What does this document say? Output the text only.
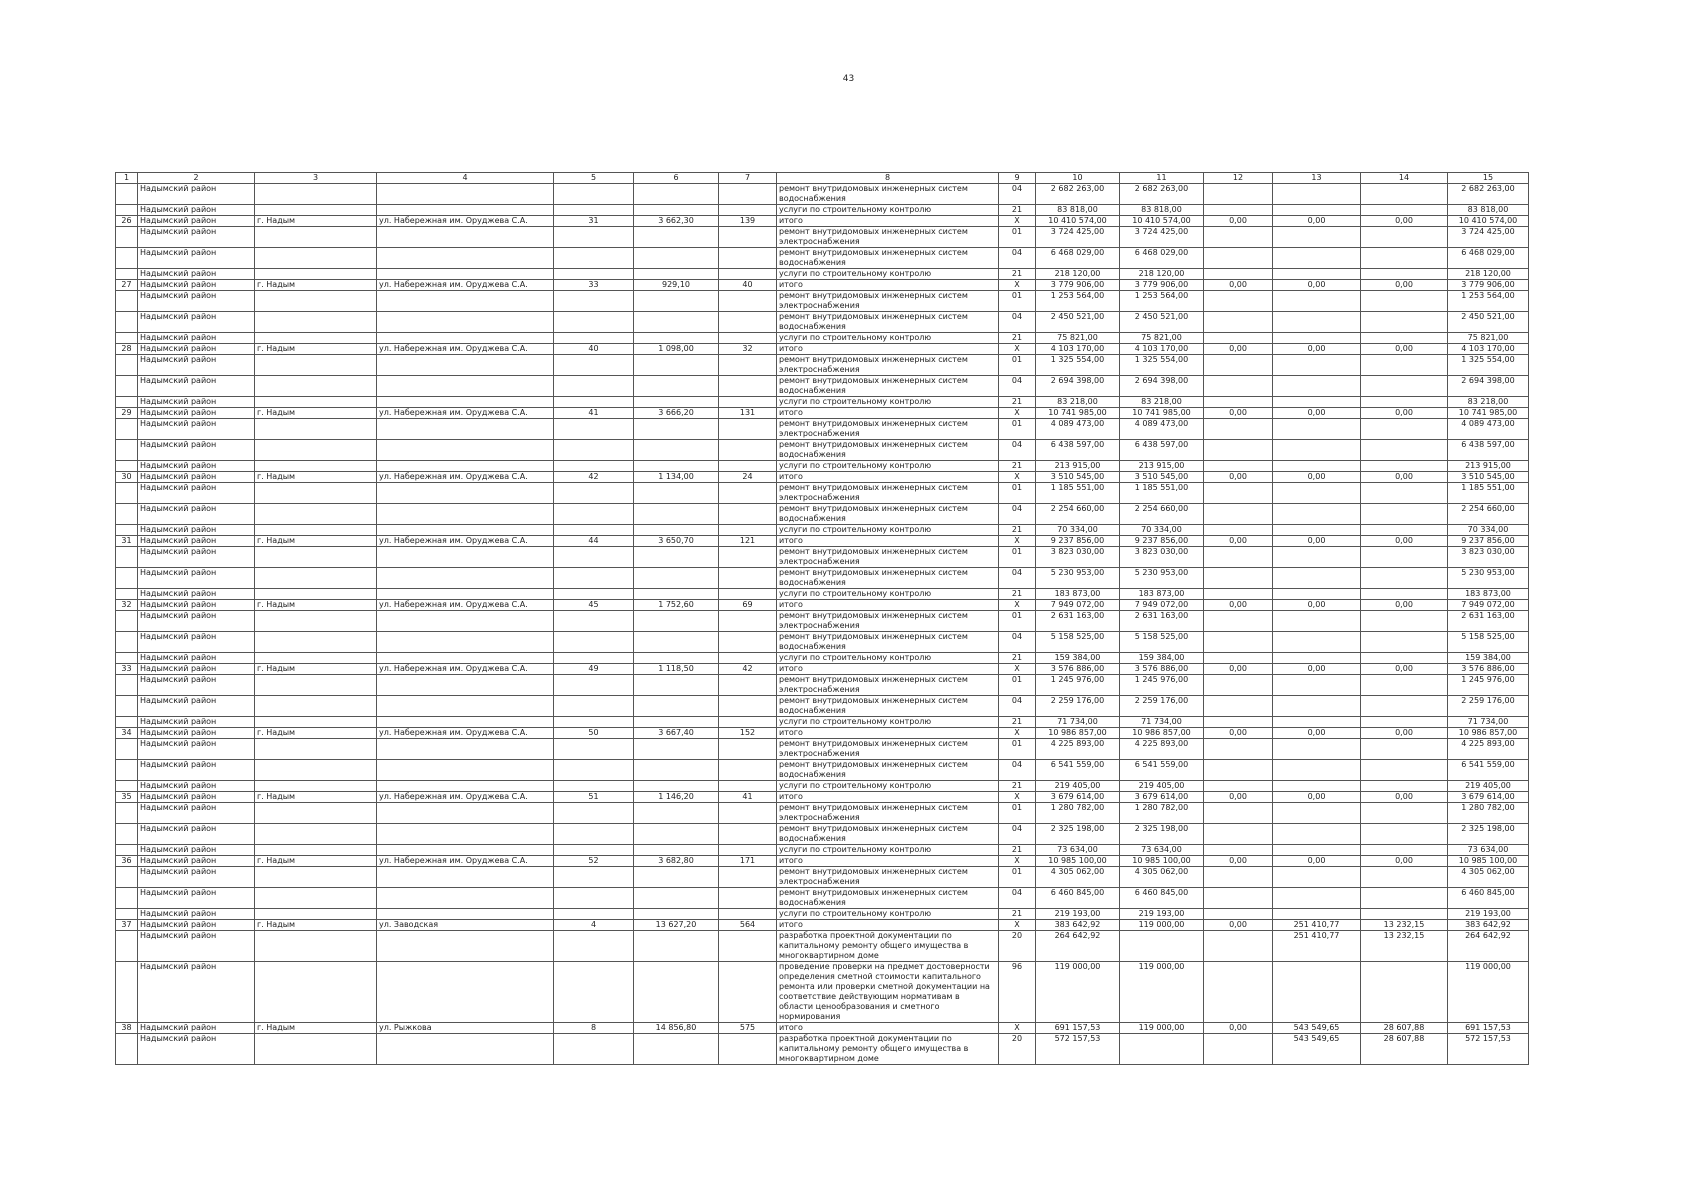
43
1	2	3	4	5	6	7	8	9	10	11	12	13	14	15
	Надымский район						ремонт внутридомовых инженерных систем водоснабжения	04	2 682 263,00	2 682 263,00				2 682 263,00
	Надымский район						услуги по строительному контролю	21	83 818,00	83 818,00				83 818,00
26	Надымский район	г. Надым	ул. Набережная им. Оруджева С.А.	31	3 662,30	139	итого	X	10 410 574,00	10 410 574,00	0,00	0,00	0,00	10 410 574,00
	Надымский район						ремонт внутридомовых инженерных систем электроснабжения	01	3 724 425,00	3 724 425,00				3 724 425,00
	Надымский район						ремонт внутридомовых инженерных систем водоснабжения	04	6 468 029,00	6 468 029,00				6 468 029,00
	Надымский район						услуги по строительному контролю	21	218 120,00	218 120,00				218 120,00
27	Надымский район	г. Надым	ул. Набережная им. Оруджева С.А.	33	929,10	40	итого	X	3 779 906,00	3 779 906,00	0,00	0,00	0,00	3 779 906,00
	Надымский район						ремонт внутридомовых инженерных систем электроснабжения	01	1 253 564,00	1 253 564,00				1 253 564,00
	Надымский район						ремонт внутридомовых инженерных систем водоснабжения	04	2 450 521,00	2 450 521,00				2 450 521,00
	Надымский район						услуги по строительному контролю	21	75 821,00	75 821,00				75 821,00
28	Надымский район	г. Надым	ул. Набережная им. Оруджева С.А.	40	1 098,00	32	итого	X	4 103 170,00	4 103 170,00	0,00	0,00	0,00	4 103 170,00
	Надымский район						ремонт внутридомовых инженерных систем электроснабжения	01	1 325 554,00	1 325 554,00				1 325 554,00
	Надымский район						ремонт внутридомовых инженерных систем водоснабжения	04	2 694 398,00	2 694 398,00				2 694 398,00
	Надымский район						услуги по строительному контролю	21	83 218,00	83 218,00				83 218,00
29	Надымский район	г. Надым	ул. Набережная им. Оруджева С.А.	41	3 666,20	131	итого	X	10 741 985,00	10 741 985,00	0,00	0,00	0,00	10 741 985,00
	Надымский район						ремонт внутридомовых инженерных систем электроснабжения	01	4 089 473,00	4 089 473,00				4 089 473,00
	Надымский район						ремонт внутридомовых инженерных систем водоснабжения	04	6 438 597,00	6 438 597,00				6 438 597,00
	Надымский район						услуги по строительному контролю	21	213 915,00	213 915,00				213 915,00
30	Надымский район	г. Надым	ул. Набережная им. Оруджева С.А.	42	1 134,00	24	итого	X	3 510 545,00	3 510 545,00	0,00	0,00	0,00	3 510 545,00
	Надымский район						ремонт внутридомовых инженерных систем электроснабжения	01	1 185 551,00	1 185 551,00				1 185 551,00
	Надымский район						ремонт внутридомовых инженерных систем водоснабжения	04	2 254 660,00	2 254 660,00				2 254 660,00
	Надымский район						услуги по строительному контролю	21	70 334,00	70 334,00				70 334,00
31	Надымский район	г. Надым	ул. Набережная им. Оруджева С.А.	44	3 650,70	121	итого	X	9 237 856,00	9 237 856,00	0,00	0,00	0,00	9 237 856,00
	Надымский район						ремонт внутридомовых инженерных систем электроснабжения	01	3 823 030,00	3 823 030,00				3 823 030,00
	Надымский район						ремонт внутридомовых инженерных систем водоснабжения	04	5 230 953,00	5 230 953,00				5 230 953,00
	Надымский район						услуги по строительному контролю	21	183 873,00	183 873,00				183 873,00
32	Надымский район	г. Надым	ул. Набережная им. Оруджева С.А.	45	1 752,60	69	итого	X	7 949 072,00	7 949 072,00	0,00	0,00	0,00	7 949 072,00
	Надымский район						ремонт внутридомовых инженерных систем электроснабжения	01	2 631 163,00	2 631 163,00				2 631 163,00
	Надымский район						ремонт внутридомовых инженерных систем водоснабжения	04	5 158 525,00	5 158 525,00				5 158 525,00
	Надымский район						услуги по строительному контролю	21	159 384,00	159 384,00				159 384,00
33	Надымский район	г. Надым	ул. Набережная им. Оруджева С.А.	49	1 118,50	42	итого	X	3 576 886,00	3 576 886,00	0,00	0,00	0,00	3 576 886,00
	Надымский район						ремонт внутридомовых инженерных систем электроснабжения	01	1 245 976,00	1 245 976,00				1 245 976,00
	Надымский район						ремонт внутридомовых инженерных систем водоснабжения	04	2 259 176,00	2 259 176,00				2 259 176,00
	Надымский район						услуги по строительному контролю	21	71 734,00	71 734,00				71 734,00
34	Надымский район	г. Надым	ул. Набережная им. Оруджева С.А.	50	3 667,40	152	итого	X	10 986 857,00	10 986 857,00	0,00	0,00	0,00	10 986 857,00
	Надымский район						ремонт внутридомовых инженерных систем электроснабжения	01	4 225 893,00	4 225 893,00				4 225 893,00
	Надымский район						ремонт внутридомовых инженерных систем водоснабжения	04	6 541 559,00	6 541 559,00				6 541 559,00
	Надымский район						услуги по строительному контролю	21	219 405,00	219 405,00				219 405,00
35	Надымский район	г. Надым	ул. Набережная им. Оруджева С.А.	51	1 146,20	41	итого	X	3 679 614,00	3 679 614,00	0,00	0,00	0,00	3 679 614,00
	Надымский район						ремонт внутридомовых инженерных систем электроснабжения	01	1 280 782,00	1 280 782,00				1 280 782,00
	Надымский район						ремонт внутридомовых инженерных систем водоснабжения	04	2 325 198,00	2 325 198,00				2 325 198,00
	Надымский район						услуги по строительному контролю	21	73 634,00	73 634,00				73 634,00
36	Надымский район	г. Надым	ул. Набережная им. Оруджева С.А.	52	3 682,80	171	итого	X	10 985 100,00	10 985 100,00	0,00	0,00	0,00	10 985 100,00
	Надымский район						ремонт внутридомовых инженерных систем электроснабжения	01	4 305 062,00	4 305 062,00				4 305 062,00
	Надымский район						ремонт внутридомовых инженерных систем водоснабжения	04	6 460 845,00	6 460 845,00				6 460 845,00
	Надымский район						услуги по строительному контролю	21	219 193,00	219 193,00				219 193,00
37	Надымский район	г. Надым	ул. Заводская	4	13 627,20	564	итого	X	383 642,92	119 000,00	0,00	251 410,77	13 232,15	383 642,92
	Надымский район						разработка проектной документации по капитальному ремонту общего имущества в многоквартирном доме	20	264 642,92			251 410,77	13 232,15	264 642,92
	Надымский район						проведение проверки на предмет достоверности определения сметной стоимости капитального ремонта или проверки сметной документации на соответствие действующим нормативам в области ценообразования и сметного нормирования	96	119 000,00	119 000,00				119 000,00
38	Надымский район	г. Надым	ул. Рыжкова	8	14 856,80	575	итого	X	691 157,53	119 000,00	0,00	543 549,65	28 607,88	691 157,53
	Надымский район						разработка проектной документации по капитальному ремонту общего имущества в многоквартирном доме	20	572 157,53			543 549,65	28 607,88	572 157,53
